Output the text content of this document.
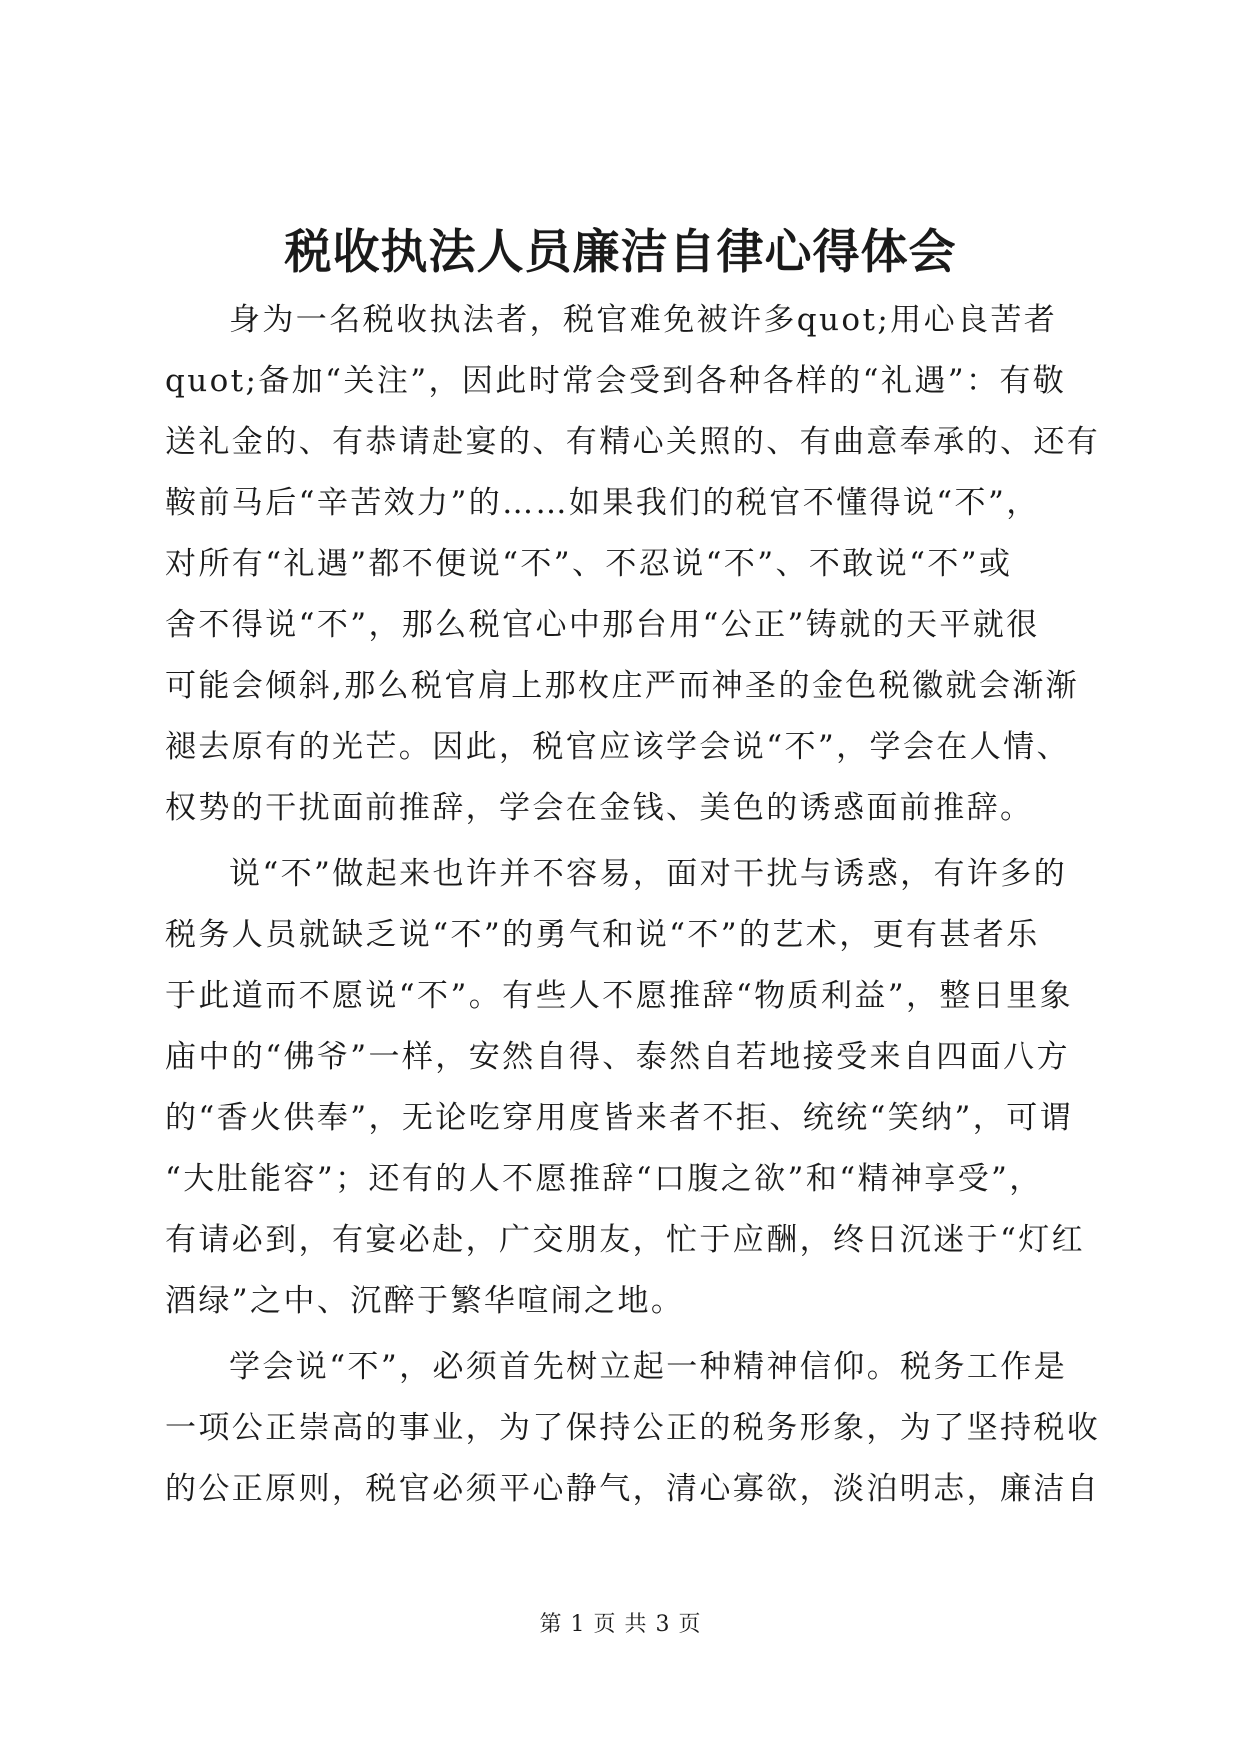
税收执法人员廉洁自律心得体会
身为一名税收执法者，税官难免被许多quot;用心良苦者
quot;备加“关注”，因此时常会受到各种各样的“礼遇”：有敬
送礼金的、有恭请赴宴的、有精心关照的、有曲意奉承的、还有
鞍前马后“辛苦效力”的……如果我们的税官不懂得说“不”，
对所有“礼遇”都不便说“不”、不忍说“不”、不敢说“不”或
舍不得说“不”，那么税官心中那台用“公正”铸就的天平就很
可能会倾斜,那么税官肩上那枚庄严而神圣的金色税徽就会渐渐
褪去原有的光芒。因此，税官应该学会说“不”，学会在人情、
权势的干扰面前推辞，学会在金钱、美色的诱惑面前推辞。
说“不”做起来也许并不容易，面对干扰与诱惑，有许多的
税务人员就缺乏说“不”的勇气和说“不”的艺术，更有甚者乐
于此道而不愿说“不”。有些人不愿推辞“物质利益”，整日里象
庙中的“佛爷”一样，安然自得、泰然自若地接受来自四面八方
的“香火供奉”，无论吃穿用度皆来者不拒、统统“笑纳”，可谓
“大肚能容”；还有的人不愿推辞“口腹之欲”和“精神享受”，
有请必到，有宴必赴，广交朋友，忙于应酬，终日沉迷于“灯红
酒绿”之中、沉醉于繁华喧闹之地。
学会说“不”，必须首先树立起一种精神信仰。税务工作是
一项公正崇高的事业，为了保持公正的税务形象，为了坚持税收
的公正原则，税官必须平心静气，清心寡欲，淡泊明志，廉洁自
第 1 页 共 3 页
